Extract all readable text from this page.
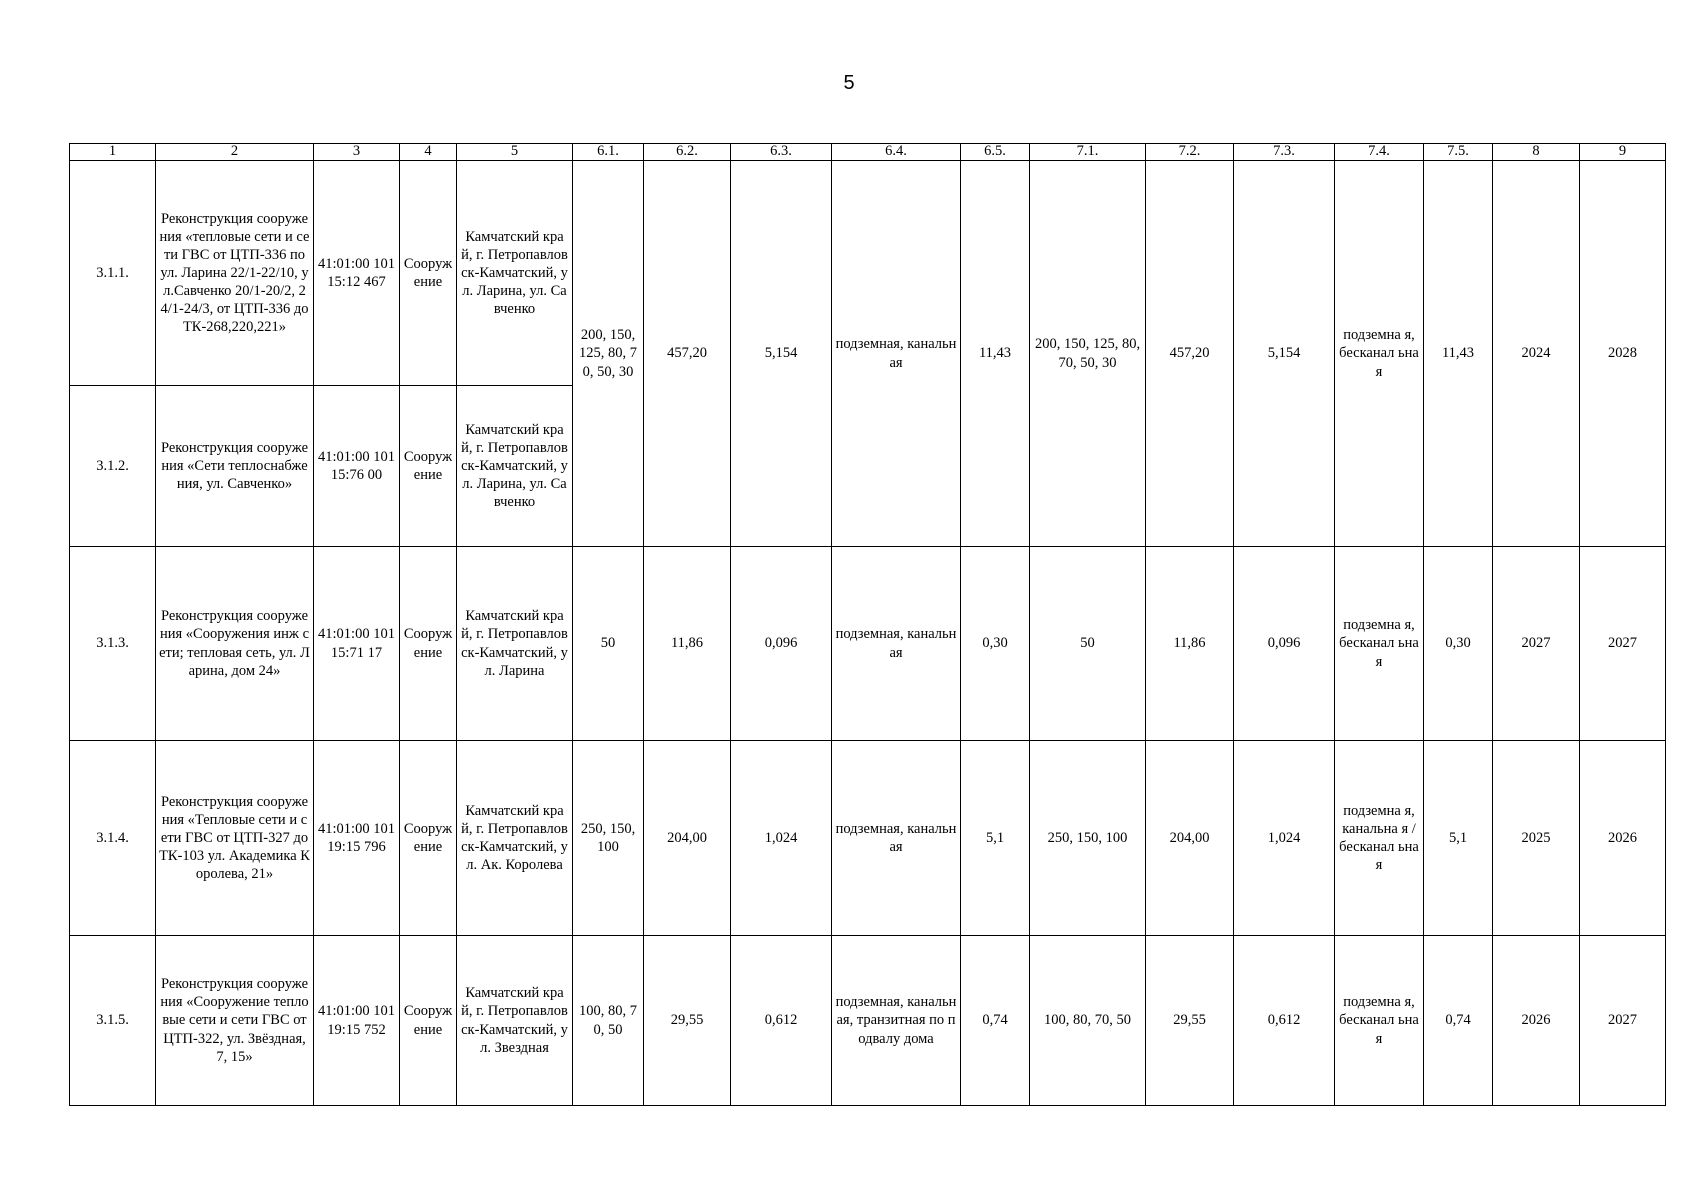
5
1	2	3	4	5	6.1.	6.2.	6.3.	6.4.	6.5.	7.1.	7.2.	7.3.	7.4.	7.5.	8	9
3.1.1.	Реконструкция сооружения «тепловые сети и сети ГВС от ЦТП-336 по ул. Ларина 22/1-22/10, ул.Савченко 20/1-20/2, 24/1-24/3, от ЦТП-336 до ТК-268,220,221»	41:01:00 10115:12 467	Сооруж ение	Камчатский край, г. Петропавлов ск-Камчатский, ул. Ларина, ул. Савченко	200, 150, 125, 80, 70, 50, 30	457,20	5,154	подземная, канальная	11,43	200, 150, 125, 80, 70, 50, 30	457,20	5,154	подземна я, бесканал ьная	11,43	2024	2028
3.1.2.	Реконструкция сооружения «Сети теплоснабжения, ул. Савченко»	41:01:00 10115:76 00	Сооруж ение	Камчатский край, г. Петропавлов ск-Камчатский, ул. Ларина, ул. Савченко												
3.1.3.	Реконструкция сооружения «Сооружения инж сети; тепловая сеть, ул. Ларина, дом 24»	41:01:00 10115:71 17	Сооруж ение	Камчатский край, г. Петропавлов ск-Камчатский, ул. Ларина	50	11,86	0,096	подземная, канальная	0,30	50	11,86	0,096	подземна я, бесканал ьная	0,30	2027	2027
3.1.4.	Реконструкция сооружения «Тепловые сети и сети ГВС от ЦТП-327 до ТК-103 ул. Академика Королева, 21»	41:01:00 10119:15 796	Сооруж ение	Камчатский край, г. Петропавлов ск-Камчатский, ул. Ак. Королева	250, 150, 100	204,00	1,024	подземная, канальная	5,1	250, 150, 100	204,00	1,024	подземна я, канальна я / бесканал ьная	5,1	2025	2026
3.1.5.	Реконструкция сооружения «Сооружение тепловые сети и сети ГВС от ЦТП-322, ул. Звёздная, 7, 15»	41:01:00 10119:15 752	Сооруж ение	Камчатский край, г. Петропавлов ск-Камчатский, ул. Звездная	100, 80, 70, 50	29,55	0,612	подземная, канальная, транзитная по подвалу дома	0,74	100, 80, 70, 50	29,55	0,612	подземна я, бесканал ьная	0,74	2026	2027
